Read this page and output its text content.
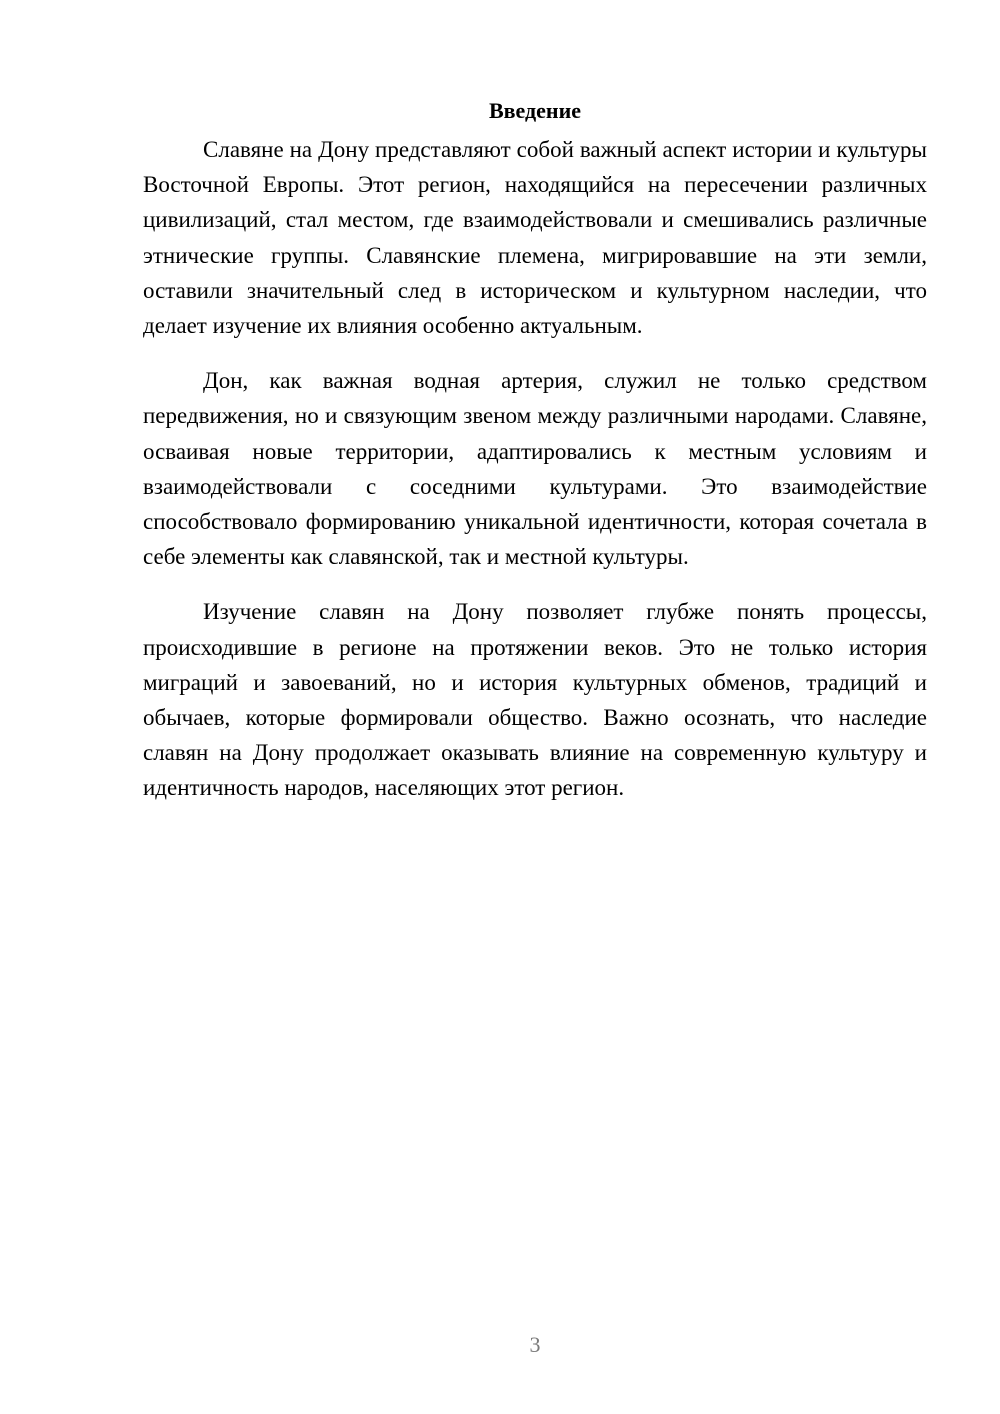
Введение

Славяне на Дону представляют собой важный аспект истории и культуры Восточной Европы. Этот регион, находящийся на пересечении различных цивилизаций, стал местом, где взаимодействовали и смешивались различные этнические группы. Славянские племена, мигрировавшие на эти земли, оставили значительный след в историческом и культурном наследии, что делает изучение их влияния особенно актуальным.

Дон, как важная водная артерия, служил не только средством передвижения, но и связующим звеном между различными народами. Славяне, осваивая новые территории, адаптировались к местным условиям и взаимодействовали с соседними культурами. Это взаимодействие способствовало формированию уникальной идентичности, которая сочетала в себе элементы как славянской, так и местной культуры.

Изучение славян на Дону позволяет глубже понять процессы, происходившие в регионе на протяжении веков. Это не только история миграций и завоеваний, но и история культурных обменов, традиций и обычаев, которые формировали общество. Важно осознать, что наследие славян на Дону продолжает оказывать влияние на современную культуру и идентичность народов, населяющих этот регион.

3
